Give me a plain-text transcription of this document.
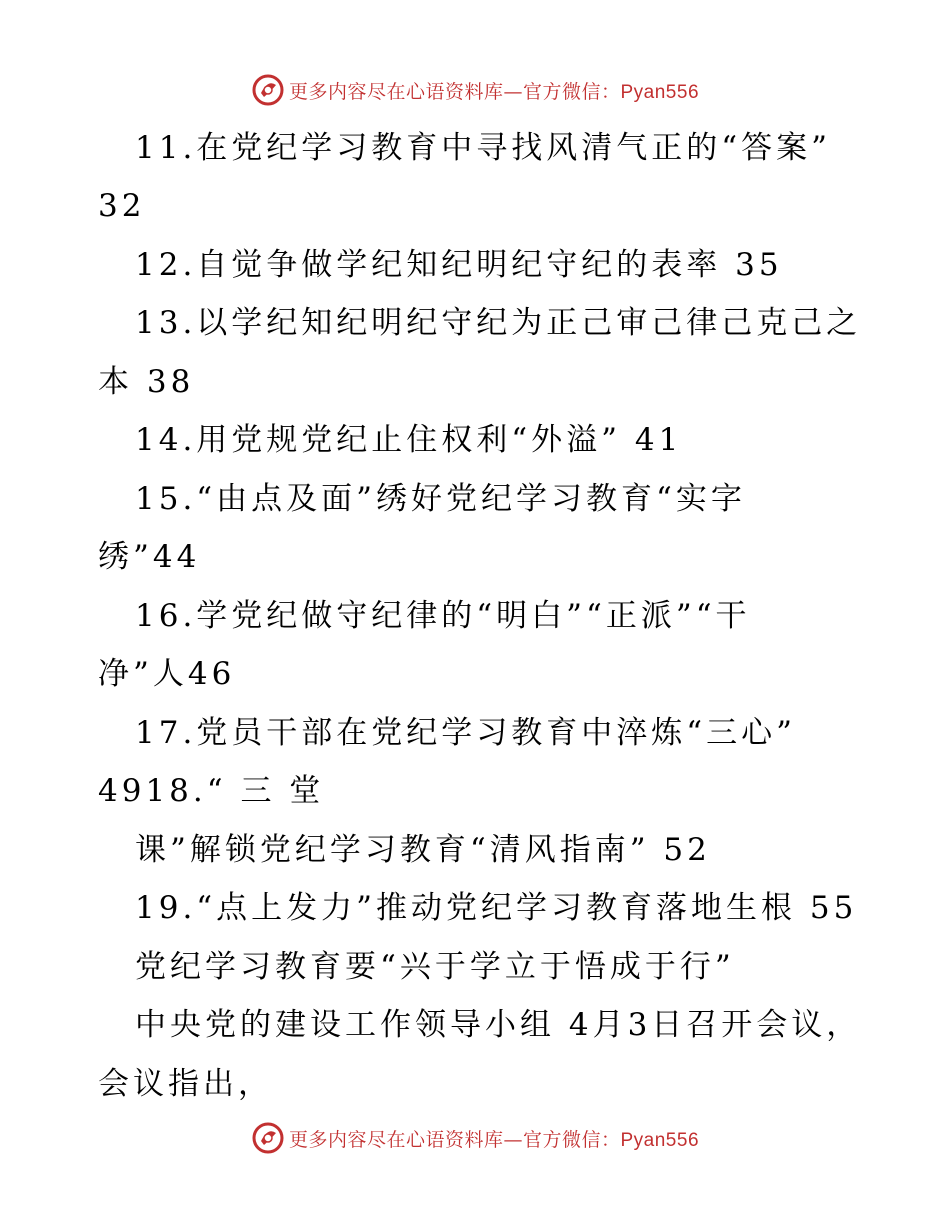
更多内容尽在心语资料库—官方微信：Pyan556
11.在党纪学习教育中寻找风清气正的“答案”
32
12.自觉争做学纪知纪明纪守纪的表率 35
13.以学纪知纪明纪守纪为正己审己律己克己之
本 38
14.用党规党纪止住权利“外溢” 41
15.“由点及面”绣好党纪学习教育“实字
绣”44
16.学党纪做守纪律的“明白”“正派”“干
净”人46
17.党员干部在党纪学习教育中淬炼“三心”
4918.“ 三 堂
课”解锁党纪学习教育“清风指南” 52
19.“点上发力”推动党纪学习教育落地生根 55
党纪学习教育要“兴于学立于悟成于行”
中央党的建设工作领导小组 4月3日召开会议，
会议指出，
更多内容尽在心语资料库—官方微信：Pyan556
